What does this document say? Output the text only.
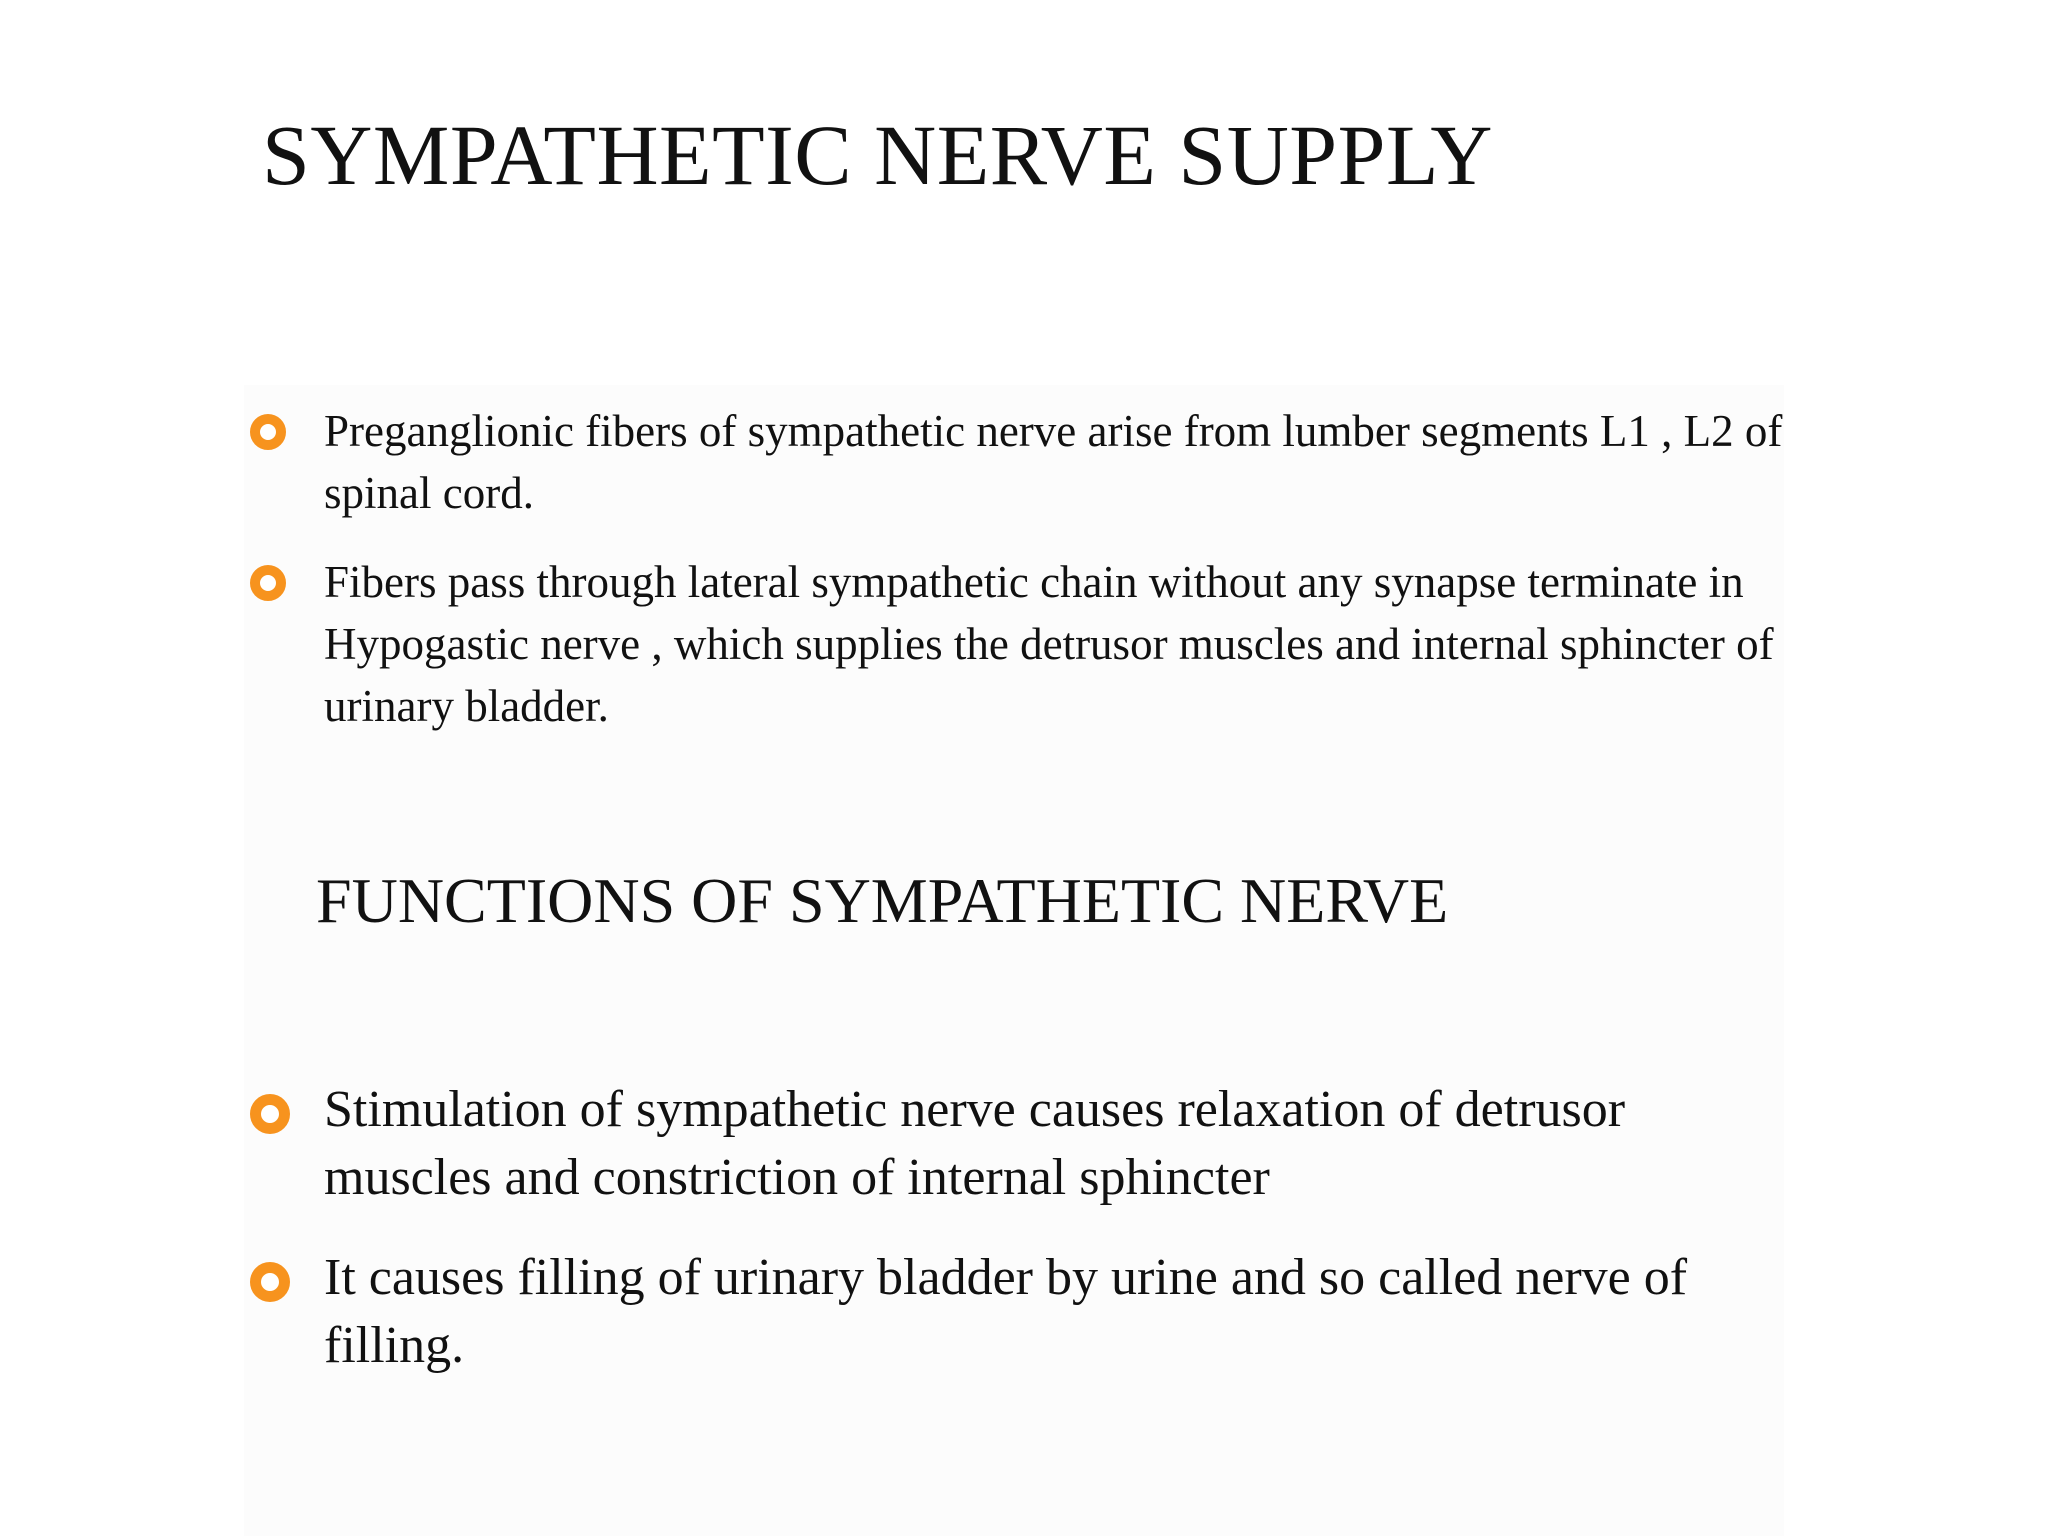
SYMPATHETIC NERVE SUPPLY
Preganglionic fibers of sympathetic nerve arise from lumber segments L1 , L2 of spinal cord.
Fibers pass through lateral sympathetic chain without any synapse terminate in Hypogastic nerve , which supplies the detrusor muscles and internal sphincter of urinary bladder.
FUNCTIONS OF SYMPATHETIC NERVE
Stimulation of sympathetic nerve causes relaxation of detrusor muscles and constriction of internal sphincter
It causes filling of urinary bladder by urine and so called nerve of filling.
